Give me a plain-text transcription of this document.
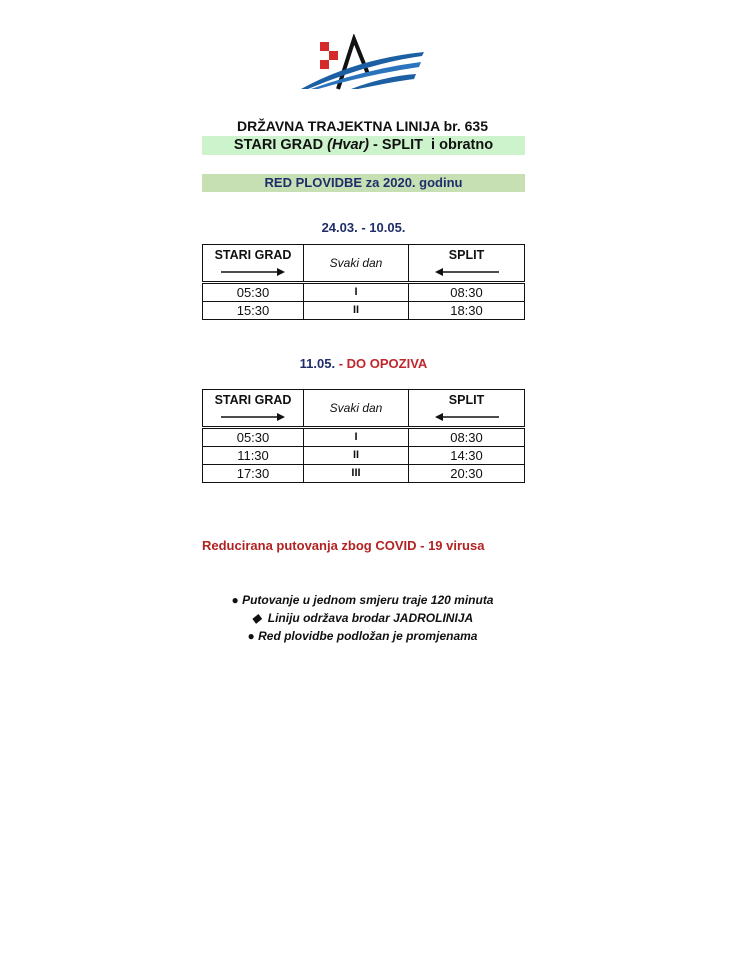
DRŽAVNA TRAJEKTNA LINIJA br. 635
STARI GRAD (Hvar) - SPLIT  i obratno
RED PLOVIDBE za 2020. godinu
24.03. - 10.05.
STARI GRAD	Svaki dan	SPLIT

05:30	I	08:30
15:30	II	18:30
11.05. - DO OPOZIVA
STARI GRAD	Svaki dan	SPLIT

05:30	I	08:30
11:30	II	14:30
17:30	III	20:30
Reducirana putovanja zbog COVID - 19 virusa
● Putovanje u jednom smjeru traje 120 minuta
◆  Liniju održava brodar JADROLINIJA
● Red plovidbe podložan je promjenama
